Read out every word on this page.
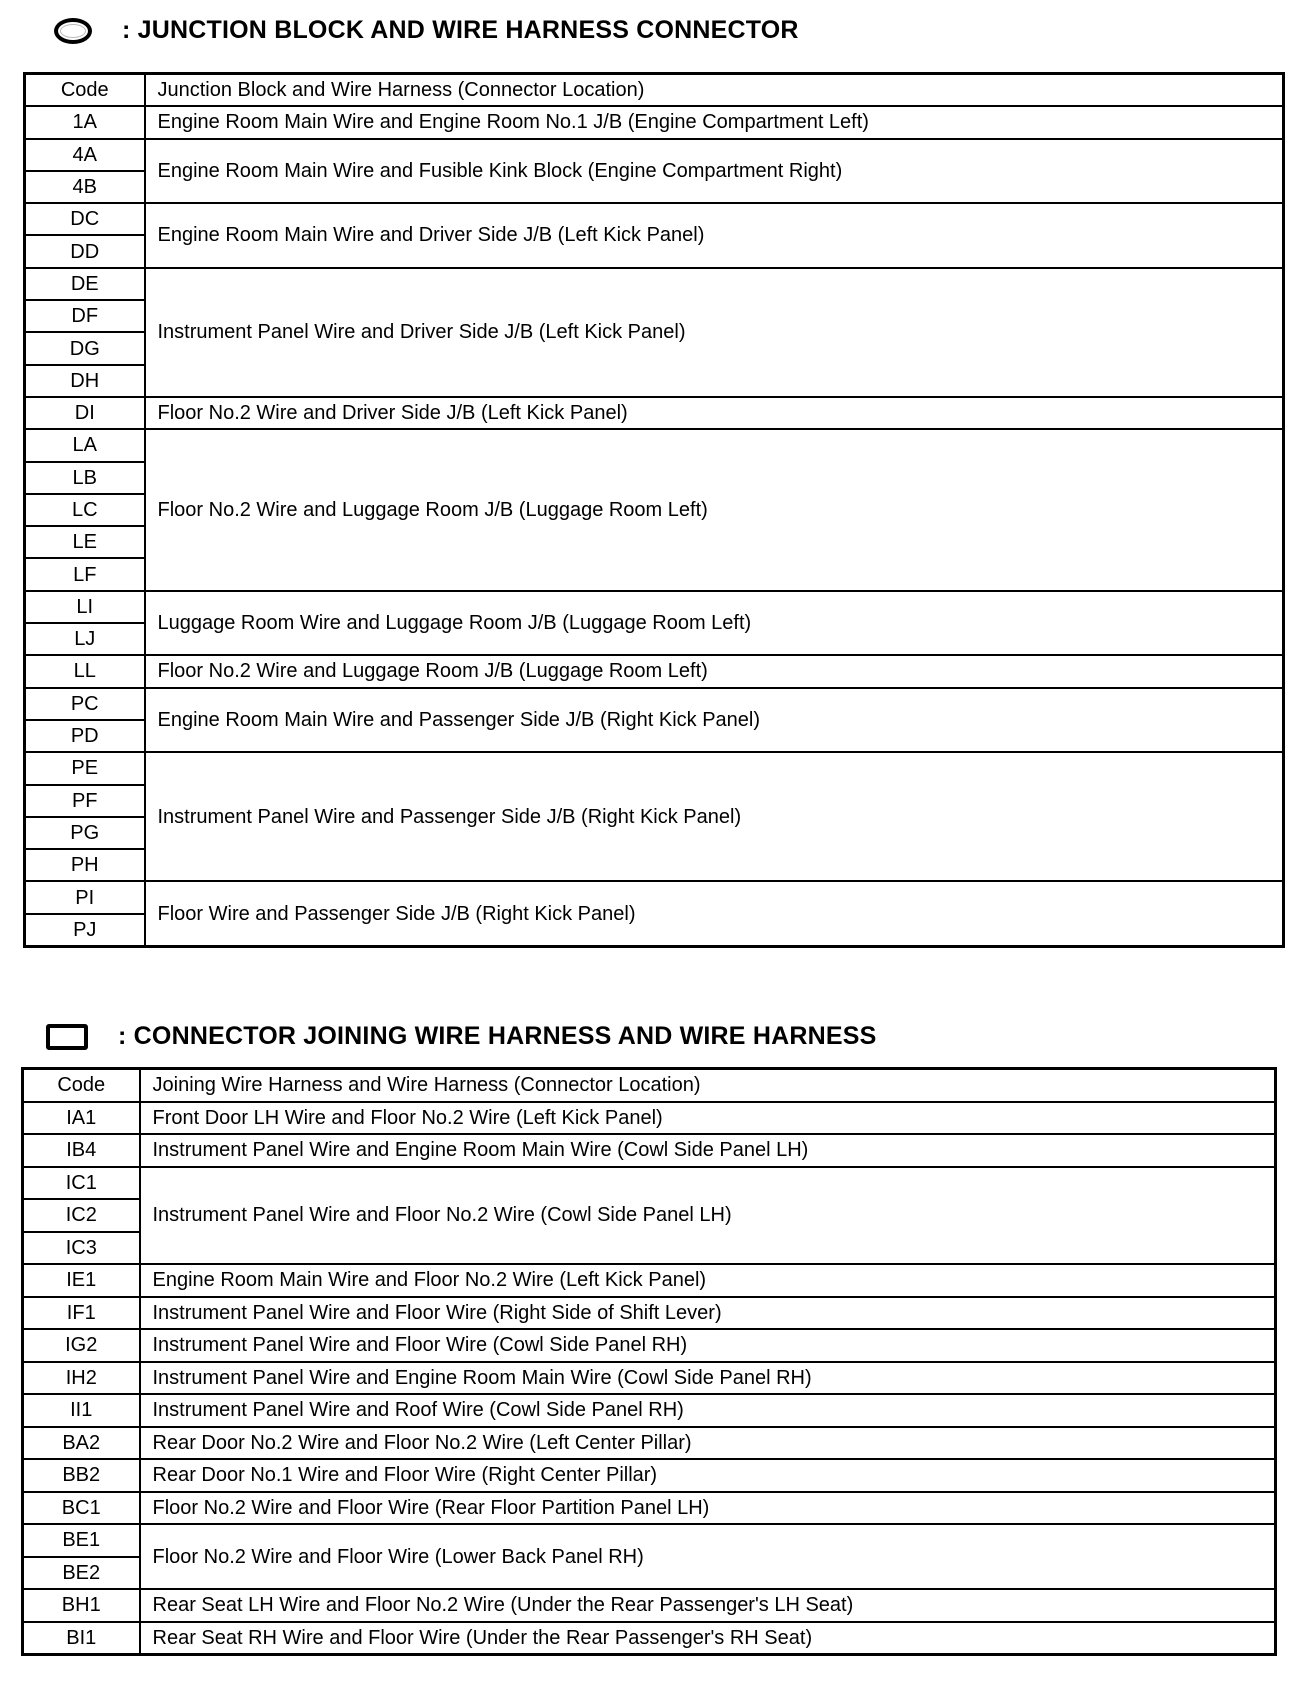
: JUNCTION BLOCK AND WIRE HARNESS CONNECTOR
Code	Junction Block and Wire Harness (Connector Location)
1A	Engine Room Main Wire and Engine Room No.1 J/B (Engine Compartment Left)
4A	Engine Room Main Wire and Fusible Kink Block (Engine Compartment Right)
4B	
DC	Engine Room Main Wire and Driver Side J/B (Left Kick Panel)
DD	
DE	Instrument Panel Wire and Driver Side J/B (Left Kick Panel)
DF	
DG	
DH	
DI	Floor No.2 Wire and Driver Side J/B (Left Kick Panel)
LA	Floor No.2 Wire and Luggage Room J/B (Luggage Room Left)
LB	
LC	
LE	
LF	
LI	Luggage Room Wire and Luggage Room J/B (Luggage Room Left)
LJ	
LL	Floor No.2 Wire and Luggage Room J/B (Luggage Room Left)
PC	Engine Room Main Wire and Passenger Side J/B (Right Kick Panel)
PD	
PE	Instrument Panel Wire and Passenger Side J/B (Right Kick Panel)
PF	
PG	
PH	
PI	Floor Wire and Passenger Side J/B (Right Kick Panel)
PJ	
: CONNECTOR JOINING WIRE HARNESS AND WIRE HARNESS
Code	Joining Wire Harness and Wire Harness (Connector Location)
IA1	Front Door LH Wire and Floor No.2 Wire (Left Kick Panel)
IB4	Instrument Panel Wire and Engine Room Main Wire (Cowl Side Panel LH)
IC1	Instrument Panel Wire and Floor No.2 Wire (Cowl Side Panel LH)
IC2	
IC3	
IE1	Engine Room Main Wire and Floor No.2 Wire (Left Kick Panel)
IF1	Instrument Panel Wire and Floor Wire (Right Side of Shift Lever)
IG2	Instrument Panel Wire and Floor Wire (Cowl Side Panel RH)
IH2	Instrument Panel Wire and Engine Room Main Wire (Cowl Side Panel RH)
II1	Instrument Panel Wire and Roof Wire (Cowl Side Panel RH)
BA2	Rear Door No.2 Wire and Floor No.2 Wire (Left Center Pillar)
BB2	Rear Door No.1 Wire and Floor Wire (Right Center Pillar)
BC1	Floor No.2 Wire and Floor Wire (Rear Floor Partition Panel LH)
BE1	Floor No.2 Wire and Floor Wire (Lower Back Panel RH)
BE2	
BH1	Rear Seat LH Wire and Floor No.2 Wire (Under the Rear Passenger's LH Seat)
BI1	Rear Seat RH Wire and Floor Wire (Under the Rear Passenger's RH Seat)
